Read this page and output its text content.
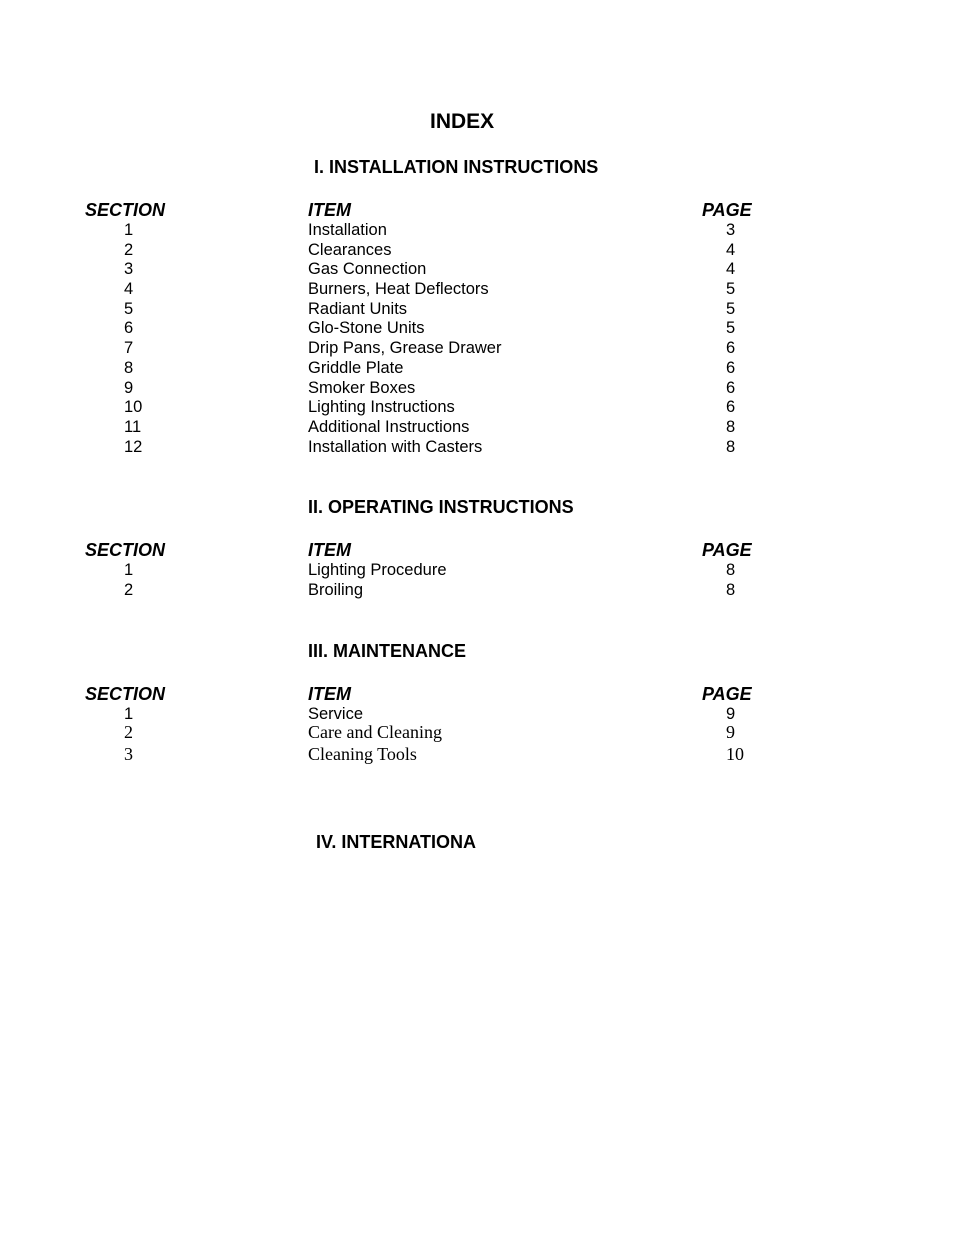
INDEX
I. INSTALLATION INSTRUCTIONS
SECTION	ITEM	PAGE
1	Installation	3
2	Clearances	4
3	Gas Connection	4
4	Burners, Heat Deflectors	5
5	Radiant Units	5
6	Glo-Stone Units	5
7	Drip Pans, Grease Drawer	6
8	Griddle Plate	6
9	Smoker Boxes	6
10	Lighting Instructions	6
11	Additional Instructions	8
12	Installation with Casters	8
II. OPERATING INSTRUCTIONS
SECTION	ITEM	PAGE
1	Lighting Procedure	8
2	Broiling	8
III. MAINTENANCE
SECTION	ITEM	PAGE
1	Service	9
2	Care and Cleaning	9
3	Cleaning Tools	10
IV. INTERNATIONA
